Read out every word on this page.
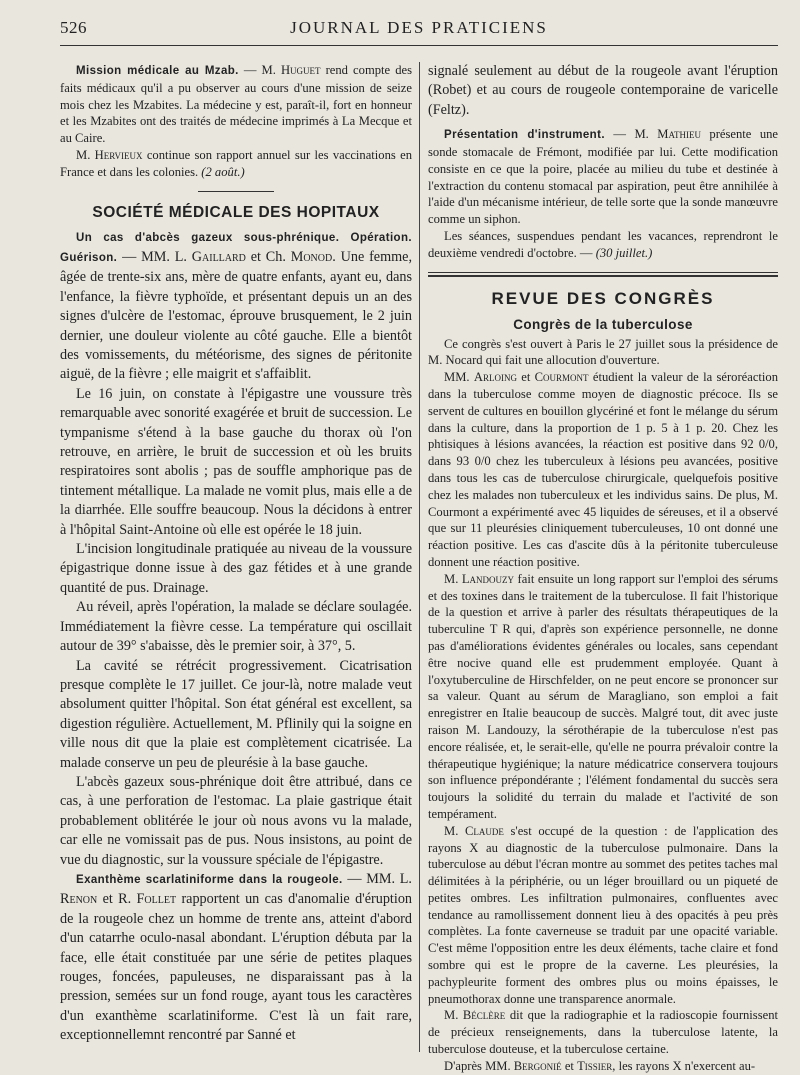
526	JOURNAL DES PRATICIENS

Mission médicale au Mzab. — M. Huguet rend compte des faits médicaux qu'il a pu observer au cours d'une mission de seize mois chez les Mzabites. La médecine y est, paraît-il, fort en honneur et les Mzabites ont des traités de médecine imprimés à La Mecque et au Caire.

M. Hervieux continue son rapport annuel sur les vaccinations en France et dans les colonies. (2 août.)

SOCIÉTÉ MÉDICALE DES HOPITAUX

Un cas d'abcès gazeux sous-phrénique. Opération. Guérison. — MM. L. Gaillard et Ch. Monod. Une femme, âgée de trente-six ans, mère de quatre enfants, ayant eu, dans l'enfance, la fièvre typhoïde, et présentant depuis un an des signes d'ulcère de l'estomac, éprouve brusquement, le 2 juin dernier, une douleur violente au côté gauche. Elle a bientôt des vomissements, du météorisme, des signes de péritonite aiguë, de la fièvre ; elle maigrit et s'affaiblit.

Le 16 juin, on constate à l'épigastre une voussure très remarquable avec sonorité exagérée et bruit de succession. Le tympanisme s'étend à la base gauche du thorax où l'on retrouve, en arrière, le bruit de succession et où les bruits respiratoires sont abolis ; pas de souffle amphorique pas de tintement métallique. La malade ne vomit plus, mais elle a de la diarrhée. Elle souffre beaucoup. Nous la décidons à entrer à l'hôpital Saint-Antoine où elle est opérée le 18 juin.

L'incision longitudinale pratiquée au niveau de la voussure épigastrique donne issue à des gaz fétides et à une grande quantité de pus. Drainage.

Au réveil, après l'opération, la malade se déclare soulagée. Immédiatement la fièvre cesse. La température qui oscillait autour de 39° s'abaisse, dès le premier soir, à 37°, 5.

La cavité se rétrécit progressivement. Cicatrisation presque complète le 17 juillet. Ce jour-là, notre malade veut absolument quitter l'hôpital. Son état général est excellent, sa digestion régulière. Actuellement, M. Pflinily qui la soigne en ville nous dit que la plaie est complètement cicatrisée. La malade conserve un peu de pleurésie à la base gauche.

L'abcès gazeux sous-phrénique doit être attribué, dans ce cas, à une perforation de l'estomac. La plaie gastrique était probablement oblitérée le jour où nous avons vu la malade, car elle ne vomissait pas de pus. Nous insistons, au point de vue du diagnostic, sur la voussure spéciale de l'épigastre.

Exanthème scarlatiniforme dans la rougeole. — MM. L. Renon et R. Follet rapportent un cas d'anomalie d'éruption de la rougeole chez un homme de trente ans, atteint d'abord d'un catarrhe oculo-nasal abondant. L'éruption débuta par la face, elle était constituée par une série de petites plaques rouges, foncées, papuleuses, ne disparaissant pas à la pression, semées sur un fond rouge, ayant tous les caractères d'un exanthème scarlatiniforme. C'est là un fait rare, exceptionnellemnt rencontré par Sanné et

signalé seulement au début de la rougeole avant l'éruption (Robet) et au cours de rougeole contemporaine de varicelle (Feltz).

Présentation d'instrument. — M. Mathieu présente une sonde stomacale de Frémont, modifiée par lui. Cette modification consiste en ce que la poire, placée au milieu du tube et destinée à l'extraction du contenu stomacal par aspiration, peut être annihilée à l'aide d'un mécanisme intérieur, de telle sorte que la sonde manœuvre comme un siphon.

Les séances, suspendues pendant les vacances, reprendront le deuxième vendredi d'octobre. — (30 juillet.)

REVUE DES CONGRÈS
Congrès de la tuberculose

Ce congrès s'est ouvert à Paris le 27 juillet sous la présidence de M. Nocard qui fait une allocution d'ouverture.

MM. Arloing et Courmont étudient la valeur de la séroréaction dans la tuberculose comme moyen de diagnostic précoce. Ils se servent de cultures en bouillon glycériné et font le mélange du sérum dans la culture, dans la proportion de 1 p. 5 à 1 p. 20. Chez les phtisiques à lésions avancées, la réaction est positive dans 92 0/0, dans 93 0/0 chez les tuberculeux à lésions peu avancées, positive dans tous les cas de tuberculose chirurgicale, quelquefois positive chez les malades non tuberculeux et les individus sains. De plus, M. Courmont a expérimenté avec 45 liquides de séreuses, et il a observé que sur 11 pleurésies cliniquement tuberculeuses, 10 ont donné une réaction positive. Les cas d'ascite dûs à la péritonite tuberculeuse donnent une réaction positive.

M. Landouzy fait ensuite un long rapport sur l'emploi des sérums et des toxines dans le traitement de la tuberculose. Il fait l'historique de la question et arrive à parler des résultats thérapeutiques de la tuberculine T R qui, d'après son expérience personnelle, ne donne pas d'améliorations évidentes générales ou locales, sans cependant être nocive quand elle est prudemment employée. Quant à l'oxytuberculine de Hirschfelder, on ne peut encore se prononcer sur sa valeur. Quant au sérum de Maragliano, son emploi a fait enregistrer en Italie beaucoup de succès. Malgré tout, dit avec juste raison M. Landouzy, la sérothérapie de la tuberculose n'est pas encore réalisée, et, le serait-elle, qu'elle ne pourra prévaloir contre la thérapeutique hygiénique; la nature médicatrice conservera toujours son influence prépondérante ; l'élément fondamental du succès sera toujours la solidité du terrain du malade et l'activité de son tempérament.

M. Claude s'est occupé de la question : de l'application des rayons X au diagnostic de la tuberculose pulmonaire. Dans la tuberculose au début l'écran montre au sommet des petites taches mal délimitées à la périphérie, ou un léger brouillard ou un piqueté de petites ombres. Les infiltration pulmonaires, confluentes avec tendance au ramollissement donnent lieu à des opacités à peu près complètes. La fonte caverneuse se traduit par une opacité variable. C'est même l'opposition entre les deux éléments, tache claire et fond sombre qui est le propre de la caverne. Les pleurésies, la pachypleurite forment des ombres plus ou moins épaisses, le pneumothorax donne une transparence anormale.

M. Béclère dit que la radiographie et la radioscopie fournissent de précieux renseignements, dans la tuberculose latente, la tuberculose douteuse, et la tuberculose certaine.

D'après MM. Bergonié et Tissier, les rayons X n'exercent au-
